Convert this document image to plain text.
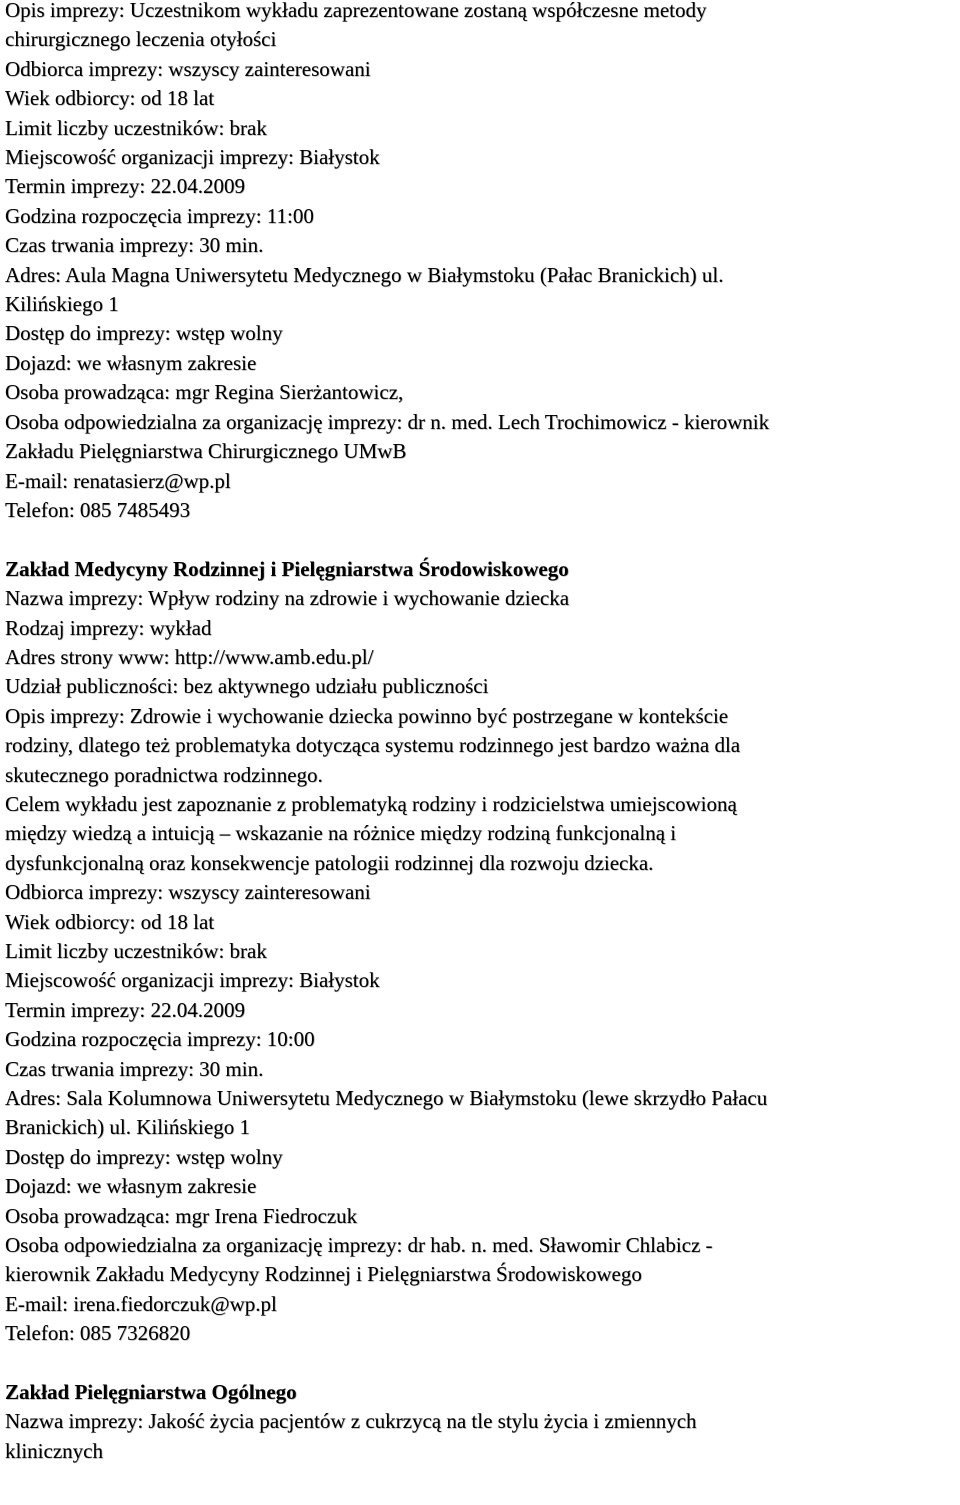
Opis imprezy: Uczestnikom wykładu zaprezentowane zostaną współczesne metody
chirurgicznego leczenia otyłości
Odbiorca imprezy: wszyscy zainteresowani
Wiek odbiorcy: od 18 lat
Limit liczby uczestników: brak
Miejscowość organizacji imprezy: Białystok
Termin imprezy: 22.04.2009
Godzina rozpoczęcia imprezy: 11:00
Czas trwania imprezy: 30 min.
Adres: Aula Magna Uniwersytetu Medycznego w Białymstoku (Pałac Branickich) ul.
Kilińskiego 1
Dostęp do imprezy: wstęp wolny
Dojazd: we własnym zakresie
Osoba prowadząca: mgr Regina Sierżantowicz,
Osoba odpowiedzialna za organizację imprezy: dr n. med. Lech Trochimowicz - kierownik
Zakładu Pielęgniarstwa Chirurgicznego UMwB
E-mail: renatasierz@wp.pl
Telefon: 085 7485493
Zakład Medycyny Rodzinnej i Pielęgniarstwa Środowiskowego
Nazwa imprezy: Wpływ rodziny na zdrowie i wychowanie dziecka
Rodzaj imprezy: wykład
Adres strony www: http://www.amb.edu.pl/
Udział publiczności: bez aktywnego udziału publiczności
Opis imprezy: Zdrowie i wychowanie dziecka powinno być postrzegane w kontekście
rodziny, dlatego też problematyka dotycząca systemu rodzinnego jest bardzo ważna dla
skutecznego poradnictwa rodzinnego.
Celem wykładu jest zapoznanie z problematyką rodziny i rodzicielstwa umiejscowioną
między wiedzą a intuicją – wskazanie na różnice między rodziną funkcjonalną i
dysfunkcjonalną oraz konsekwencje patologii rodzinnej dla rozwoju dziecka.
Odbiorca imprezy: wszyscy zainteresowani
Wiek odbiorcy: od 18 lat
Limit liczby uczestników: brak
Miejscowość organizacji imprezy: Białystok
Termin imprezy: 22.04.2009
Godzina rozpoczęcia imprezy: 10:00
Czas trwania imprezy: 30 min.
Adres: Sala Kolumnowa Uniwersytetu Medycznego w Białymstoku (lewe skrzydło Pałacu
Branickich) ul. Kilińskiego 1
Dostęp do imprezy: wstęp wolny
Dojazd: we własnym zakresie
Osoba prowadząca: mgr Irena Fiedroczuk
Osoba odpowiedzialna za organizację imprezy: dr hab. n. med. Sławomir Chlabicz -
kierownik Zakładu Medycyny Rodzinnej i Pielęgniarstwa Środowiskowego
E-mail: irena.fiedorczuk@wp.pl
Telefon: 085 7326820
Zakład Pielęgniarstwa Ogólnego
Nazwa imprezy: Jakość życia pacjentów z cukrzycą na tle stylu życia i zmiennych
klinicznych
